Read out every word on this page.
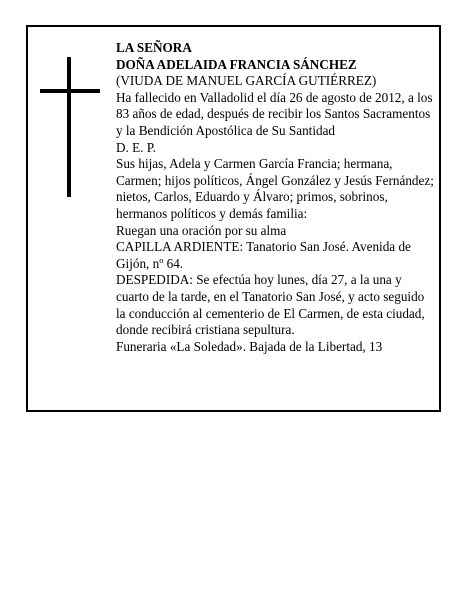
LA SEÑORA

DOÑA ADELAIDA FRANCIA SÁNCHEZ

(VIUDA DE MANUEL GARCÍA GUTIÉRREZ)

Ha fallecido en Valladolid el día 26 de agosto de 2012, a los 83 años de edad, después de recibir los Santos Sacramentos y la Bendición Apostólica de Su Santidad

D. E. P.

Sus hijas, Adela y Carmen García Francia; hermana, Carmen; hijos políticos, Ángel González y Jesús Fernández; nietos, Carlos, Eduardo y Álvaro; primos, sobrinos, hermanos políticos y demás familia:

Ruegan una oración por su alma

CAPILLA ARDIENTE: Tanatorio San José. Avenida de Gijón, nº 64.

DESPEDIDA: Se efectúa hoy lunes, día 27, a la una y cuarto de la tarde, en el Tanatorio San José, y acto seguido la conducción al cementerio de El Carmen, de esta ciudad, donde recibirá cristiana sepultura.

Funeraria «La Soledad». Bajada de la Libertad, 13
